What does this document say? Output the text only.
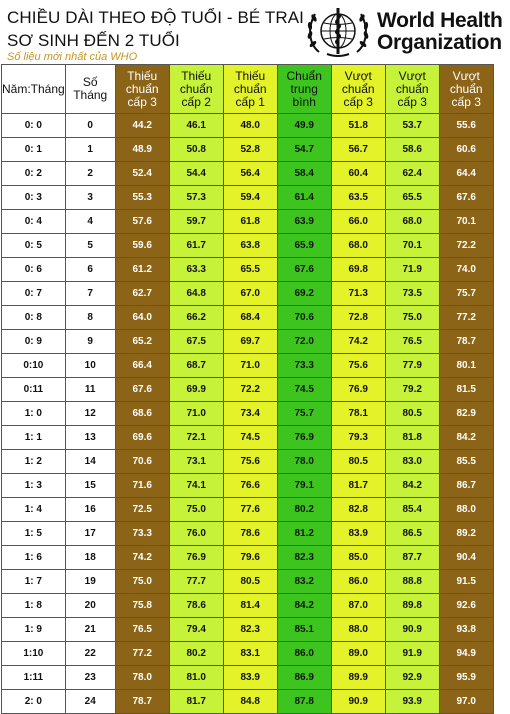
CHIỀU DÀI THEO ĐỘ TUỔI - BÉ TRAI
SƠ SINH ĐẾN 2 TUỔI
Số liệu mới nhất của WHO
World Health
Organization
Năm:Tháng	Số Tháng	Thiếu chuẩn cấp 3	Thiếu chuẩn cấp 2	Thiếu chuẩn cấp 1	Chuẩn trung bình	Vượt chuẩn cấp 3	Vượt chuẩn cấp 3	Vượt chuẩn cấp 3
0: 0	0	44.2	46.1	48.0	49.9	51.8	53.7	55.6
0: 1	1	48.9	50.8	52.8	54.7	56.7	58.6	60.6
0: 2	2	52.4	54.4	56.4	58.4	60.4	62.4	64.4
0: 3	3	55.3	57.3	59.4	61.4	63.5	65.5	67.6
0: 4	4	57.6	59.7	61.8	63.9	66.0	68.0	70.1
0: 5	5	59.6	61.7	63.8	65.9	68.0	70.1	72.2
0: 6	6	61.2	63.3	65.5	67.6	69.8	71.9	74.0
0: 7	7	62.7	64.8	67.0	69.2	71.3	73.5	75.7
0: 8	8	64.0	66.2	68.4	70.6	72.8	75.0	77.2
0: 9	9	65.2	67.5	69.7	72.0	74.2	76.5	78.7
0:10	10	66.4	68.7	71.0	73.3	75.6	77.9	80.1
0:11	11	67.6	69.9	72.2	74.5	76.9	79.2	81.5
1: 0	12	68.6	71.0	73.4	75.7	78.1	80.5	82.9
1: 1	13	69.6	72.1	74.5	76.9	79.3	81.8	84.2
1: 2	14	70.6	73.1	75.6	78.0	80.5	83.0	85.5
1: 3	15	71.6	74.1	76.6	79.1	81.7	84.2	86.7
1: 4	16	72.5	75.0	77.6	80.2	82.8	85.4	88.0
1: 5	17	73.3	76.0	78.6	81.2	83.9	86.5	89.2
1: 6	18	74.2	76.9	79.6	82.3	85.0	87.7	90.4
1: 7	19	75.0	77.7	80.5	83.2	86.0	88.8	91.5
1: 8	20	75.8	78.6	81.4	84.2	87.0	89.8	92.6
1: 9	21	76.5	79.4	82.3	85.1	88.0	90.9	93.8
1:10	22	77.2	80.2	83.1	86.0	89.0	91.9	94.9
1:11	23	78.0	81.0	83.9	86.9	89.9	92.9	95.9
2: 0	24	78.7	81.7	84.8	87.8	90.9	93.9	97.0
